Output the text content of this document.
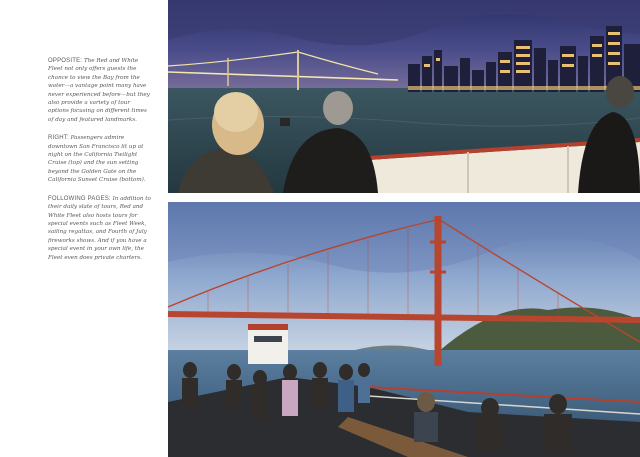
OPPOSITE: The Red and White Fleet not only offers guests the chance to view the Bay from the water—a vantage point many have never experienced before—but they also provide a variety of tour options focusing on different times of day and featured landmarks.

RIGHT: Passengers admire downtown San Francisco lit up at night on the California Twilight Cruise (top) and the sun setting beyond the Golden Gate on the California Sunset Cruise (bottom).

FOLLOWING PAGES: In addition to their daily slate of tours, Red and White Fleet also hosts tours for special events such as Fleet Week, sailing regattas, and Fourth of July fireworks shows. And if you have a special event in your own life, the Fleet even does private charters.
